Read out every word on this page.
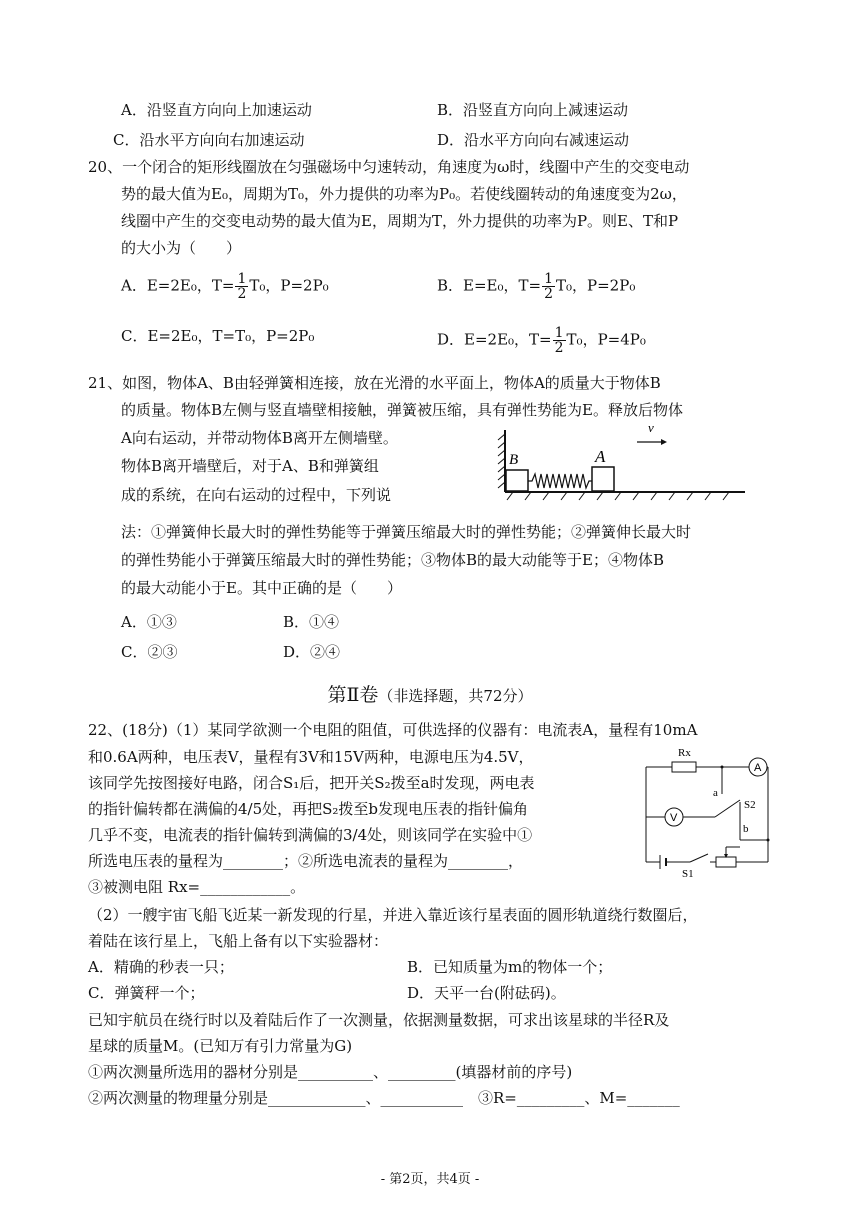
A．沿竖直方向向上加速运动	B．沿竖直方向向上减速运动
C．沿水平方向向右加速运动	D．沿水平方向向右减速运动
20、一个闭合的矩形线圈放在匀强磁场中匀速转动，角速度为ω时，线圈中产生的交变电动
势的最大值为E₀，周期为T₀，外力提供的功率为P₀。若使线圈转动的角速度变为2ω，
线圈中产生的交变电动势的最大值为E，周期为T，外力提供的功率为P。则E、T和P
的大小为（　　）
A．E=2E₀，$T= \frac{1}{2} T_0$，P=2P₀	B．E=E₀，$T= \frac{1}{2} T_0$，P=2P₀
C．E=2E₀，T=T₀，P=2P₀	D．E=2E₀，$T= \frac{1}{2} T_0$，P=4P₀
21、如图，物体A、B由轻弹簧相连接，放在光滑的水平面上，物体A的质量大于物体B
的质量。物体B左侧与竖直墙壁相接触，弹簧被压缩，具有弹性势能为E。释放后物体
A向右运动，并带动物体B离开左侧墙壁。
物体B离开墙壁后，对于A、B和弹簧组
成的系统，在向右运动的过程中，下列说
法：①弹簧伸长最大时的弹性势能等于弹簧压缩最大时的弹性势能；②弹簧伸长最大时
的弹性势能小于弹簧压缩最大时的弹性势能；③物体B的最大动能等于E；④物体B
的最大动能小于E。其中正确的是（　　）
B	A
v
A．①③	B．①④
C．②③	D．②④
第Ⅱ卷（非选择题，共72分）
22、(18分)（1）某同学欲测一个电阻的阻值，可供选择的仪器有：电流表A，量程有10mA
和0.6A两种，电压表V，量程有3V和15V两种，电源电压为4.5V，
该同学先按图接好电路，闭合S₁后，把开关S₂拨至a时发现，两电表
的指针偏转都在满偏的4/5处，再把S₂拨至b发现电压表的指针偏角
几乎不变，电流表的指针偏转到满偏的3/4处，则该同学在实验中①
所选电压表的量程为________；②所选电流表的量程为________，
③被测电阻 Rx=____________。
Rx
A
V
a
b
S2
S1
（2）一艘宇宙飞船飞近某一新发现的行星，并进入靠近该行星表面的圆形轨道绕行数圈后，
着陆在该行星上，飞船上备有以下实验器材：
A．精确的秒表一只；	B．已知质量为m的物体一个；
C．弹簧秤一个；	D．天平一台(附砝码)。
已知宇航员在绕行时以及着陆后作了一次测量，依据测量数据，可求出该星球的半径R及
星球的质量M。(已知万有引力常量为G)
①两次测量所选用的器材分别是__________、_________(填器材前的序号)
②两次测量的物理量分别是_____________、___________　③R=_________、M=_______
- 第2页，共4页 -
